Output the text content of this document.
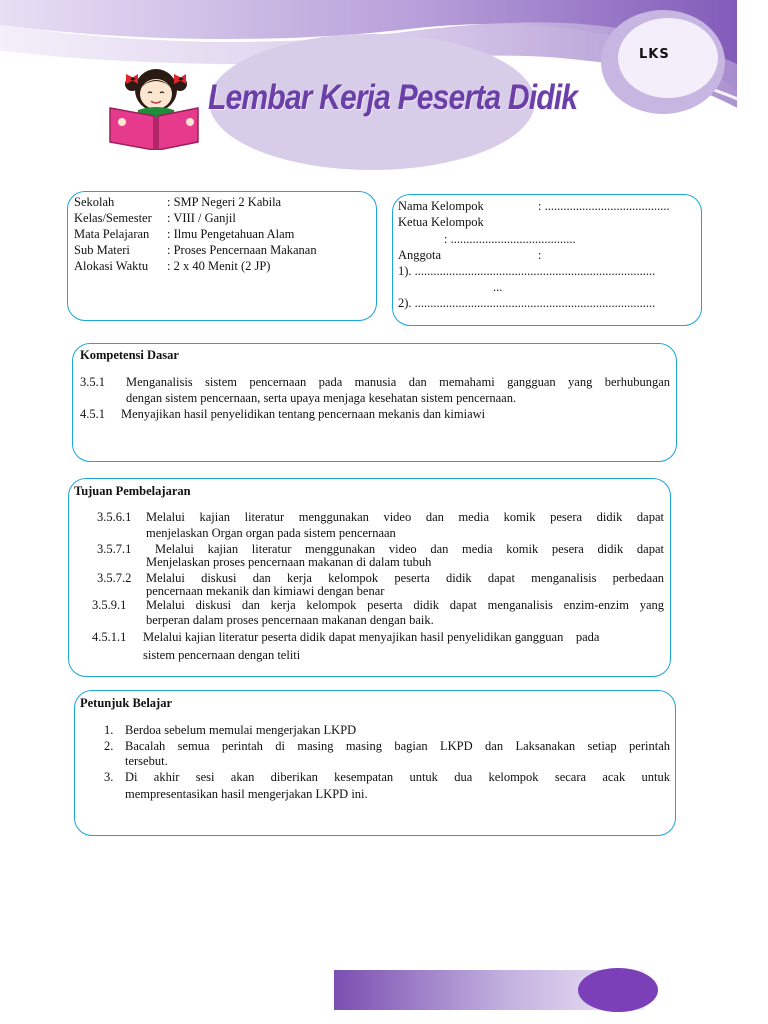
LKS
Lembar Kerja Peserta Didik
Sekolah	: SMP Negeri 2 Kabila
Kelas/Semester : VIII / Ganjil
Mata Pelajaran : Ilmu Pengetahuan Alam
Sub Materi	: Proses Pencernaan Makanan
Alokasi Waktu : 2 x 40 Menit (2 JP)
Nama Kelompok	: ........................................
Ketua Kelompok
: ........................................
Anggota	:
1). .............................................................................
...
2). .............................................................................
Kompetensi Dasar
3.5.1 Menganalisis sistem pencernaan pada manusia dan memahami gangguan yang berhubungan
dengan sistem pencernaan, serta upaya menjaga kesehatan sistem pencernaan.
4.5.1 Menyajikan hasil penyelidikan tentang pencernaan mekanis dan kimiawi
Tujuan Pembelajaran
3.5.6.1 Melalui kajian literatur menggunakan video dan media komik pesera didik dapat
menjelaskan Organ organ pada sistem pencernaan
3.5.7.1 Melalui kajian literatur menggunakan video dan media komik pesera didik dapat
Menjelaskan proses pencernaan makanan di dalam tubuh
3.5.7.2 Melalui diskusi dan kerja kelompok peserta didik dapat menganalisis perbedaan
pencernaan mekanik dan kimiawi dengan benar
3.5.9.1 Melalui diskusi dan kerja kelompok peserta didik dapat menganalisis enzim-enzim yang
berperan dalam proses pencernaan makanan dengan baik.
4.5.1.1 Melalui kajian literatur peserta didik dapat menyajikan hasil penyelidikan gangguan    pada
sistem pencernaan dengan teliti
Petunjuk Belajar
1. Berdoa sebelum memulai mengerjakan LKPD
2. Bacalah semua perintah di masing masing bagian LKPD dan Laksanakan setiap perintah
tersebut.
3. Di akhir sesi akan diberikan kesempatan untuk dua kelompok secara acak untuk
mempresentasikan hasil mengerjakan LKPD ini.
